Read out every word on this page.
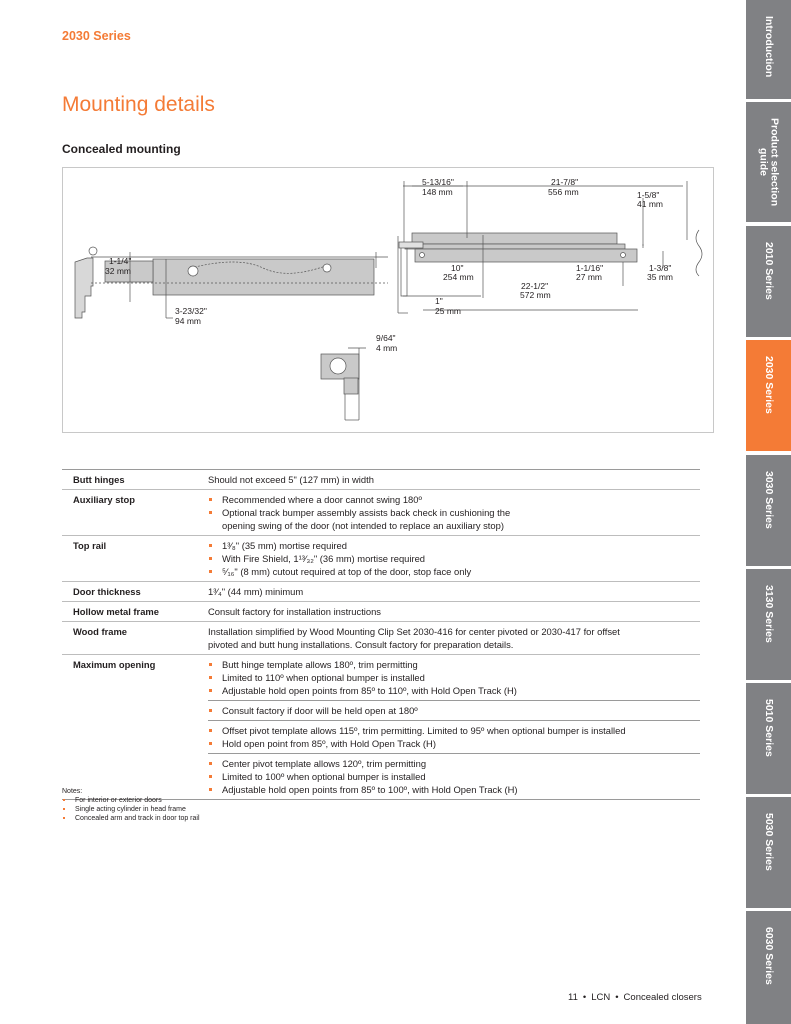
2030 Series
Mounting details
Concealed mounting
1-1/4"
32 mm
3-23/32"
94 mm
9/64"
4 mm
5-13/16"
148 mm
21-7/8"
556 mm	1-5/8"
41 mm
10"
254 mm
1-1/16"
27 mm
1-3/8"
35 mm
22-1/2"
572 mm
1"
25 mm
Butt hinges	Should not exceed 5" (127 mm) in width
Auxiliary stop	Recommended where a door cannot swing 180º
Optional track bumper assembly assists back check in cushioning the opening swing of the door (not intended to replace an auxiliary stop)

Top rail	1³⁄₈" (35 mm) mortise required
With Fire Shield, 1¹³⁄₃₂" (36 mm) mortise required
⁵⁄₁₆" (8 mm) cutout required at top of the door, stop face only

Door thickness	1³⁄₄" (44 mm) minimum
Hollow metal frame	Consult factory for installation instructions
Wood frame	Installation simplified by Wood Mounting Clip Set 2030-416 for center pivoted or 2030-417 for offset pivoted and butt hung installations. Consult factory for preparation details.
Maximum opening	Butt hinge template allows 180º, trim permitting
Limited to 110º when optional bumper is installed
Adjustable hold open points from 85º to 110º, with Hold Open Track (H)
Consult factory if door will be held open at 180º
Offset pivot template allows 115º, trim permitting. Limited to 95º when optional bumper is installed
Hold open point from 85º, with Hold Open Track (H)
Center pivot template allows 120º, trim permitting
Limited to 100º when optional bumper is installed
Adjustable hold open points from 85º to 100º, with Hold Open Track (H)
Notes:
For interior or exterior doors
Single acting cylinder in head frame
Concealed arm and track in door top rail
11 • LCN • Concealed closers
Introduction
Product selection
guide
2010 Series
2030 Series
3030 Series
3130 Series
5010 Series
5030 Series
6030 Series
